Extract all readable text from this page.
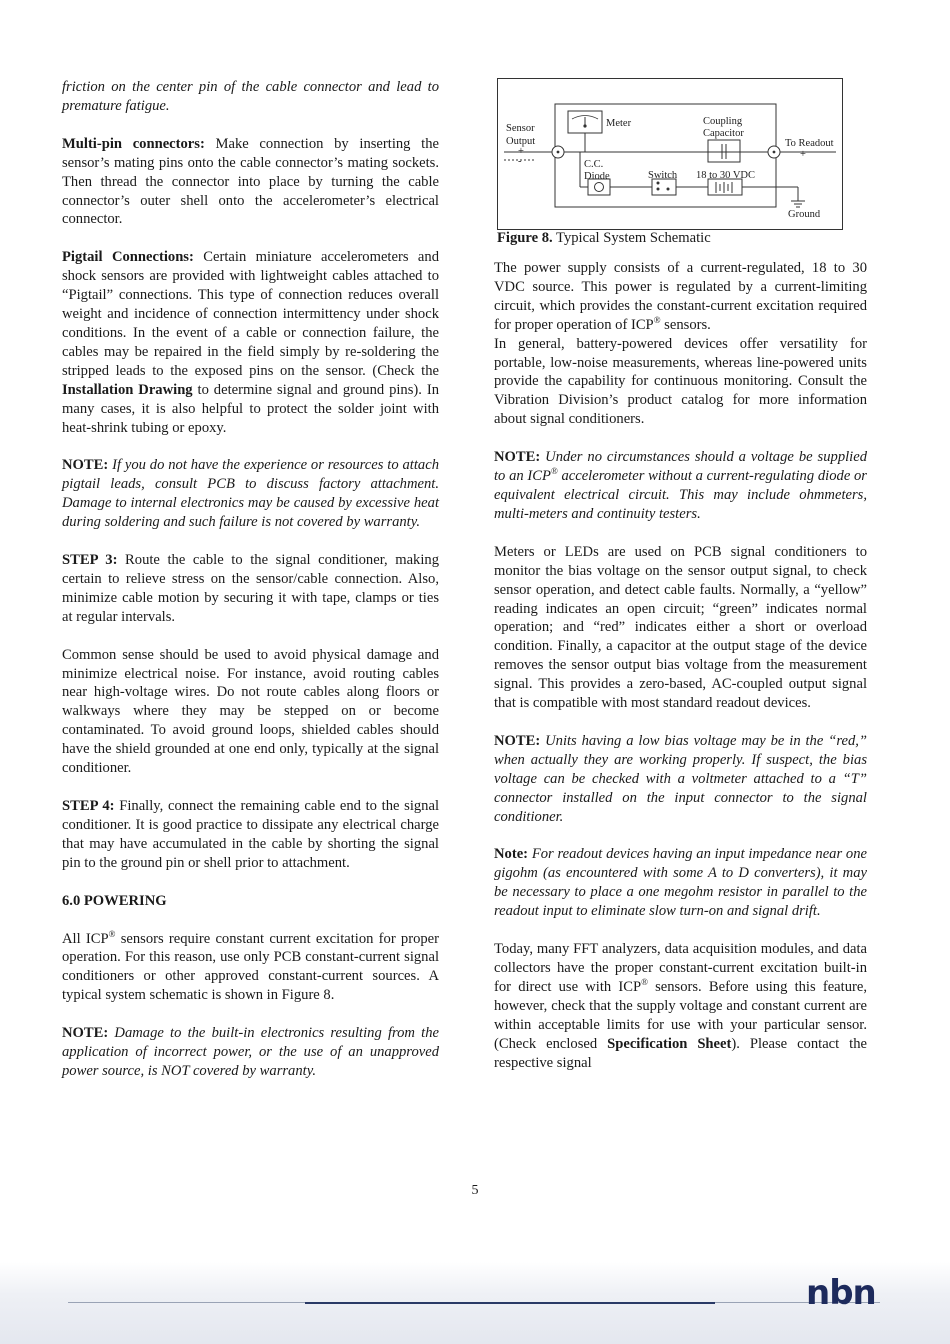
friction on the center pin of the cable connector and lead to premature fatigue.

Multi-pin connectors: Make connection by inserting the sensor’s mating pins onto the cable connector’s mating sockets. Then thread the connector into place by turning the cable connector’s outer shell onto the accelerometer’s electrical connector.

Pigtail Connections: Certain miniature accelerometers and shock sensors are provided with lightweight cables attached to “Pigtail” connections. This type of connection reduces overall weight and incidence of connection intermittency under shock conditions. In the event of a cable or connection failure, the cables may be repaired in the field simply by re-soldering the stripped leads to the exposed pins on the sensor. (Check the Installation Drawing to determine signal and ground pins). In many cases, it is also helpful to protect the solder joint with heat-shrink tubing or epoxy.

NOTE: If you do not have the experience or resources to attach pigtail leads, consult PCB to discuss factory attachment. Damage to internal electronics may be caused by excessive heat during soldering and such failure is not covered by warranty.

STEP 3: Route the cable to the signal conditioner, making certain to relieve stress on the sensor/cable connection. Also, minimize cable motion by securing it with tape, clamps or ties at regular intervals.

Common sense should be used to avoid physical damage and minimize electrical noise. For instance, avoid routing cables near high-voltage wires. Do not route cables along floors or walkways where they may be stepped on or become contaminated. To avoid ground loops, shielded cables should have the shield grounded at one end only, typically at the signal conditioner.

STEP 4: Finally, connect the remaining cable end to the signal conditioner. It is good practice to dissipate any electrical charge that may have accumulated in the cable by shorting the signal pin to the ground pin or shell prior to attachment.

6.0 POWERING

All ICP® sensors require constant current excitation for proper operation. For this reason, use only PCB constant-current signal conditioners or other approved constant-current sources. A typical system schematic is shown in Figure 8.

NOTE: Damage to the built-in electronics resulting from the application of incorrect power, or the use of an unapproved power source, is NOT covered by warranty.

Meter
Sensor
Output
+
-
Coupling
Capacitor
To Readout
+
C.C.
Diode	Switch 18 to 30 VDC
Ground
Figure 8. Typical System Schematic

The power supply consists of a current-regulated, 18 to 30 VDC source. This power is regulated by a current-limiting circuit, which provides the constant-current excitation required for proper operation of ICP® sensors.

In general, battery-powered devices offer versatility for portable, low-noise measurements, whereas line-powered units provide the capability for continuous monitoring. Consult the Vibration Division’s product catalog for more information about signal conditioners.

NOTE: Under no circumstances should a voltage be supplied to an ICP® accelerometer without a current-regulating diode or equivalent electrical circuit. This may include ohmmeters, multi-meters and continuity testers.

Meters or LEDs are used on PCB signal conditioners to monitor the bias voltage on the sensor output signal, to check sensor operation, and detect cable faults. Normally, a “yellow” reading indicates an open circuit; “green” indicates normal operation; and “red” indicates either a short or overload condition. Finally, a capacitor at the output stage of the device removes the sensor output bias voltage from the measurement signal. This provides a zero-based, AC-coupled output signal that is compatible with most standard readout devices.

NOTE: Units having a low bias voltage may be in the “red,” when actually they are working properly. If suspect, the bias voltage can be checked with a voltmeter attached to a “T” connector installed on the input connector to the signal conditioner.

Note: For readout devices having an input impedance near one gigohm (as encountered with some A to D converters), it may be necessary to place a one megohm resistor in parallel to the readout input to eliminate slow turn-on and signal drift.

Today, many FFT analyzers, data acquisition modules, and data collectors have the proper constant-current excitation built-in for direct use with ICP® sensors. Before using this feature, however, check that the supply voltage and constant current are within acceptable limits for use with your particular sensor. (Check enclosed Specification Sheet). Please contact the respective signal

5
nbn
